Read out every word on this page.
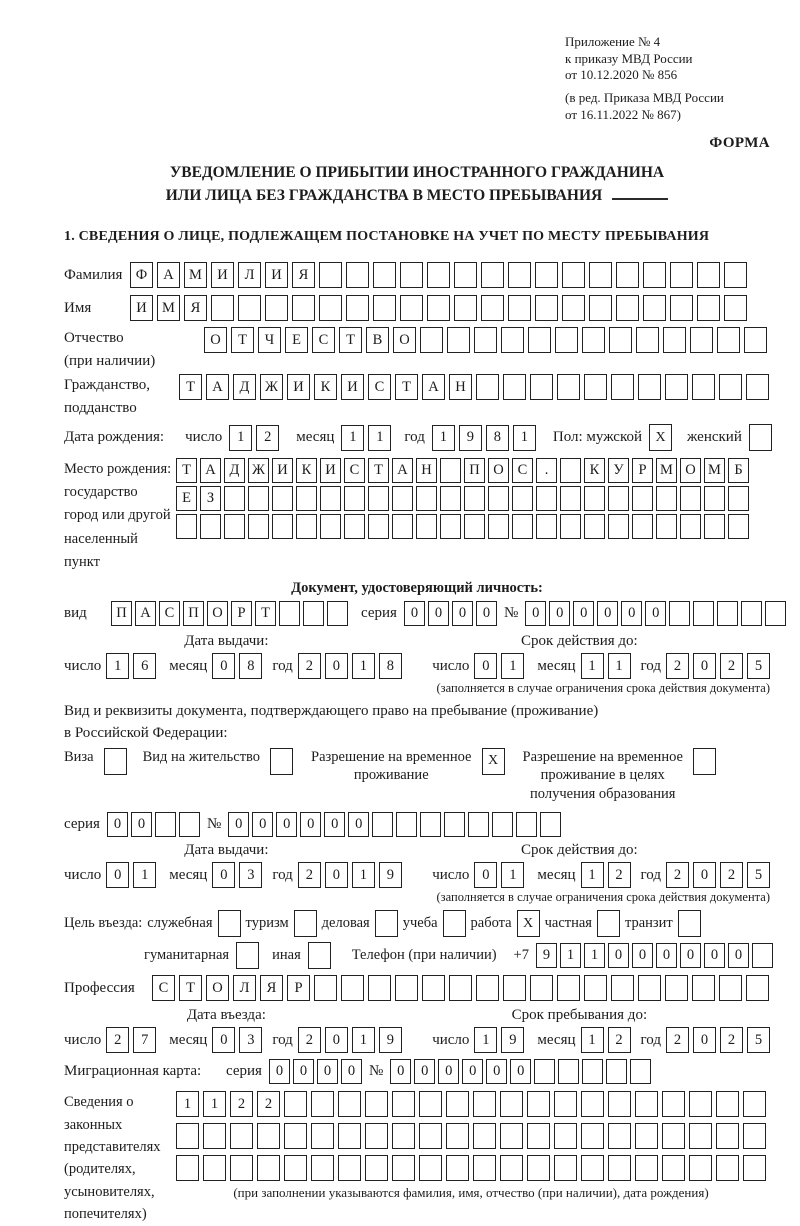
Приложение № 4
к приказу МВД России
от 10.12.2020 № 856
(в ред. Приказа МВД России
от 16.11.2022 № 867)
ФОРМА
УВЕДОМЛЕНИЕ О ПРИБЫТИИ ИНОСТРАННОГО ГРАЖДАНИНА
ИЛИ ЛИЦА БЕЗ ГРАЖДАНСТВА В МЕСТО ПРЕБЫВАНИЯ
1. СВЕДЕНИЯ О ЛИЦЕ, ПОДЛЕЖАЩЕМ ПОСТАНОВКЕ НА УЧЕТ ПО МЕСТУ ПРЕБЫВАНИЯ
Фамилия Ф	А	М	И	Л	И	Я
Имя	И	М	Я
Отчество
(при наличии)
О	Т	Ч	Е	С	Т	В	О
Гражданство,
подданство
Т	А	Д	Ж	И	К	И	С	Т	А	Н
Дата рождения: число	1	2	месяц	1	1	год	1	9	8	1	Пол: мужской X	женский
Место рождения:
государство
город или другой
населенный пункт
Т А Д Ж И К И С	Т А Н	П О С	.	К У	Р М О М Б
Е	З
Документ, удостоверяющий личность:
вид	П А С П О	Р	Т	серия 0	0	0	0 № 0	0	0	0	0	0
Дата выдачи:	Срок действия до:
число 1	6	месяц 0	8	год 2	0	1	8	число 0	1	месяц 1	1	год 2	0	2	5
(заполняется в случае ограничения срока действия документа)
Вид и реквизиты документа, подтверждающего право на пребывание (проживание)
в Российской Федерации:
Виза	Вид на жительство	Разрешение на временное
проживание
X	Разрешение на временное
проживание в целях
получения образования
серия 0	0	№ 0	0	0	0	0	0
Дата выдачи:	Срок действия до:
число 0	1	месяц 0	3	год 2	0	1	9	число 0	1	месяц 1	2	год 2	0	2	5
(заполняется в случае ограничения срока действия документа)
Цель въезда: служебная туризм деловая учеба работа X частная транзит
гуманитарная	иная	Телефон (при наличии) +7 9	1	1	0	0	0	0	0	0
Профессия	С	Т	О	Л	Я	Р
Дата въезда:	Срок пребывания до:
число 2	7	месяц 0	3	год 2	0	1	9	число 1	9	месяц 1	2	год 2	0	2	5
Миграционная карта:	серия 0	0	0	0 № 0	0	0	0	0	0
Сведения о
законных
представителях
(родителях,
усыновителях,
попечителях)
1	1	2	2
(при заполнении указываются фамилия, имя, отчество (при наличии), дата рождения)
